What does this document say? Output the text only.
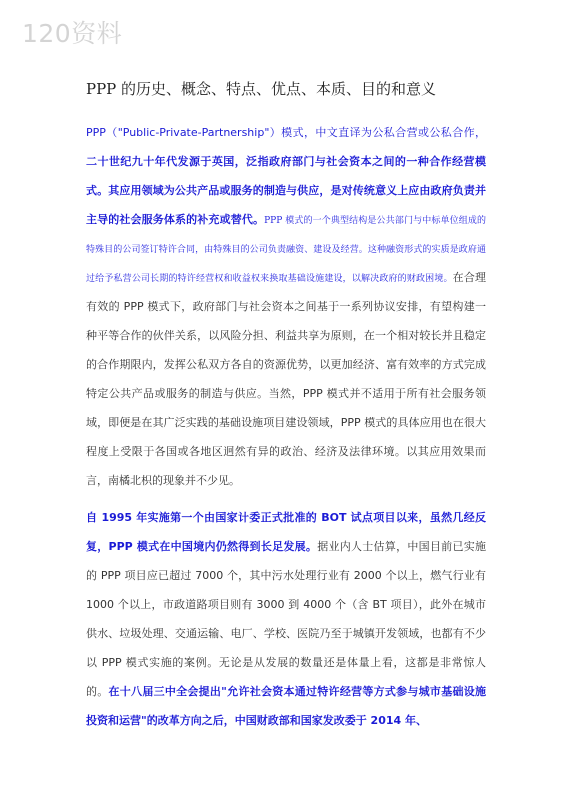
120资料
PPP 的历史、概念、特点、优点、本质、目的和意义

PPP（"Public-Private-Partnership"）模式，中文直译为公私合营或公私合作，二十世纪九十年代发源于英国，泛指政府部门与社会资本之间的一种合作经营模式。其应用领域为公共产品或服务的制造与供应，是对传统意义上应由政府负责并主导的社会服务体系的补充或替代。PPP 模式的一个典型结构是公共部门与中标单位组成的特殊目的公司签订特许合同，由特殊目的公司负责融资、建设及经营。这种融资形式的实质是政府通过给予私营公司长期的特许经营权和收益权来换取基础设施建设，以解决政府的财政困境。在合理有效的 PPP 模式下，政府部门与社会资本之间基于一系列协议安排，有望构建一种平等合作的伙伴关系，以风险分担、利益共享为原则，在一个相对较长并且稳定的合作期限内，发挥公私双方各自的资源优势，以更加经济、富有效率的方式完成特定公共产品或服务的制造与供应。当然，PPP 模式并不适用于所有社会服务领域，即便是在其广泛实践的基础设施项目建设领域，PPP 模式的具体应用也在很大程度上受限于各国或各地区迥然有异的政治、经济及法律环境。以其应用效果而言，南橘北枳的现象并不少见。

自 1995 年实施第一个由国家计委正式批准的 BOT 试点项目以来，虽然几经反复，PPP 模式在中国境内仍然得到长足发展。据业内人士估算，中国目前已实施的 PPP 项目应已超过 7000 个，其中污水处理行业有 2000 个以上，燃气行业有 1000 个以上，市政道路项目则有 3000 到 4000 个（含 BT 项目），此外在城市供水、垃圾处理、交通运输、电厂、学校、医院乃至于城镇开发领域，也都有不少以 PPP 模式实施的案例。无论是从发展的数量还是体量上看，这都是非常惊人的。在十八届三中全会提出"允许社会资本通过特许经营等方式参与城市基础设施投资和运营"的改革方向之后，中国财政部和国家发改委于 2014 年、
